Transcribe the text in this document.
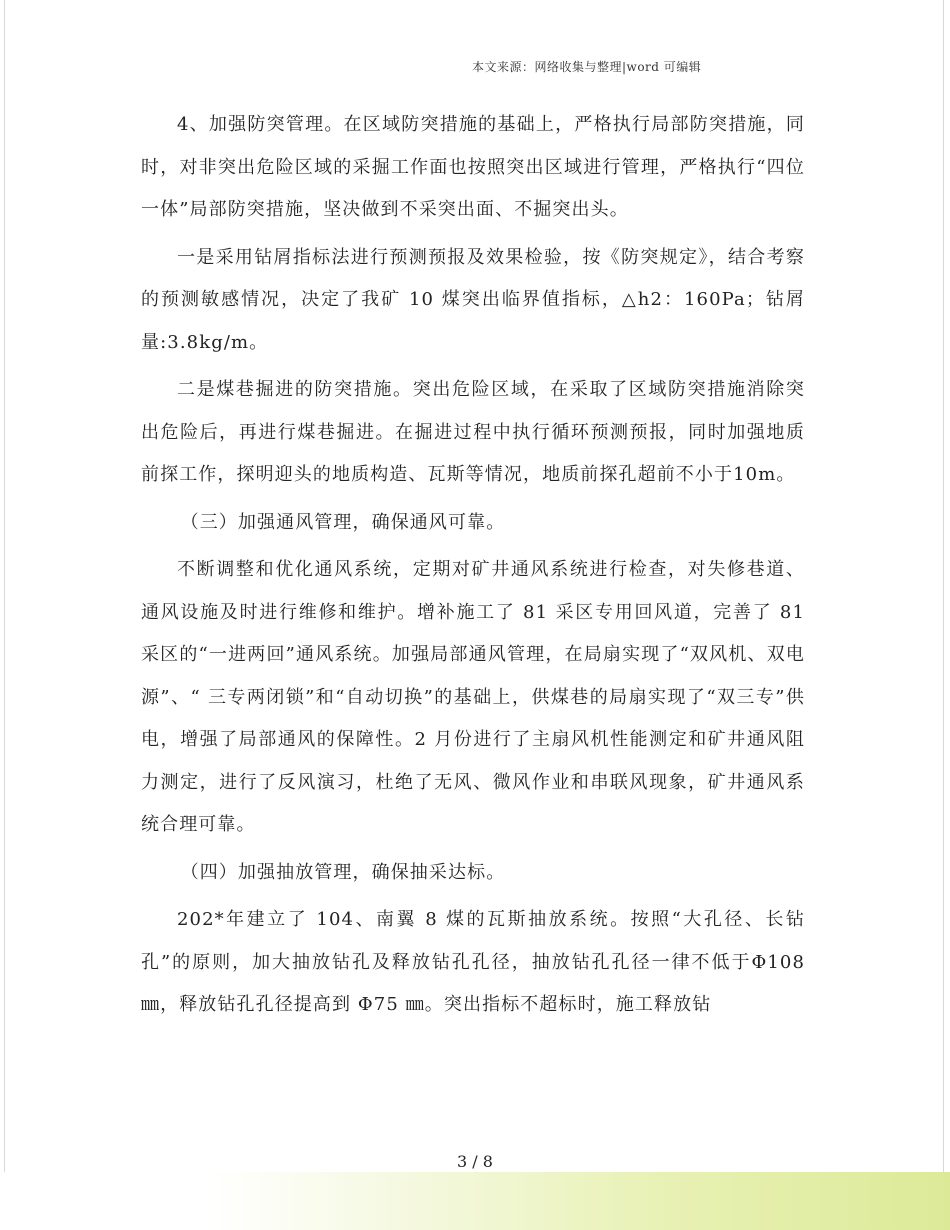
本文来源：网络收集与整理|word 可编辑

4、加强防突管理。在区域防突措施的基础上，严格执行局部防突措施，同时，对非突出危险区域的采掘工作面也按照突出区域进行管理，严格执行“四位一体”局部防突措施，坚决做到不采突出面、不掘突出头。

一是采用钻屑指标法进行预测预报及效果检验，按《防突规定》，结合考察的预测敏感情况，决定了我矿 10 煤突出临界值指标，△h2：160Pa；钻屑量:3.8kg/m。

二是煤巷掘进的防突措施。突出危险区域，在采取了区域防突措施消除突出危险后，再进行煤巷掘进。在掘进过程中执行循环预测预报，同时加强地质前探工作，探明迎头的地质构造、瓦斯等情况，地质前探孔超前不小于10m。

（三）加强通风管理，确保通风可靠。

不断调整和优化通风系统，定期对矿井通风系统进行检查，对失修巷道、通风设施及时进行维修和维护。增补施工了 81 采区专用回风道，完善了 81 采区的“一进两回”通风系统。加强局部通风管理，在局扇实现了“双风机、双电源”、“ 三专两闭锁”和“自动切换”的基础上，供煤巷的局扇实现了“双三专”供电，增强了局部通风的保障性。2 月份进行了主扇风机性能测定和矿井通风阻力测定，进行了反风演习，杜绝了无风、微风作业和串联风现象，矿井通风系统合理可靠。

（四）加强抽放管理，确保抽采达标。

202*年建立了 104、南翼 8 煤的瓦斯抽放系统。按照“大孔径、长钻孔”的原则，加大抽放钻孔及释放钻孔孔径，抽放钻孔孔径一律不低于Φ108 ㎜，释放钻孔孔径提高到 Φ75 ㎜。突出指标不超标时，施工释放钻

3 / 8
